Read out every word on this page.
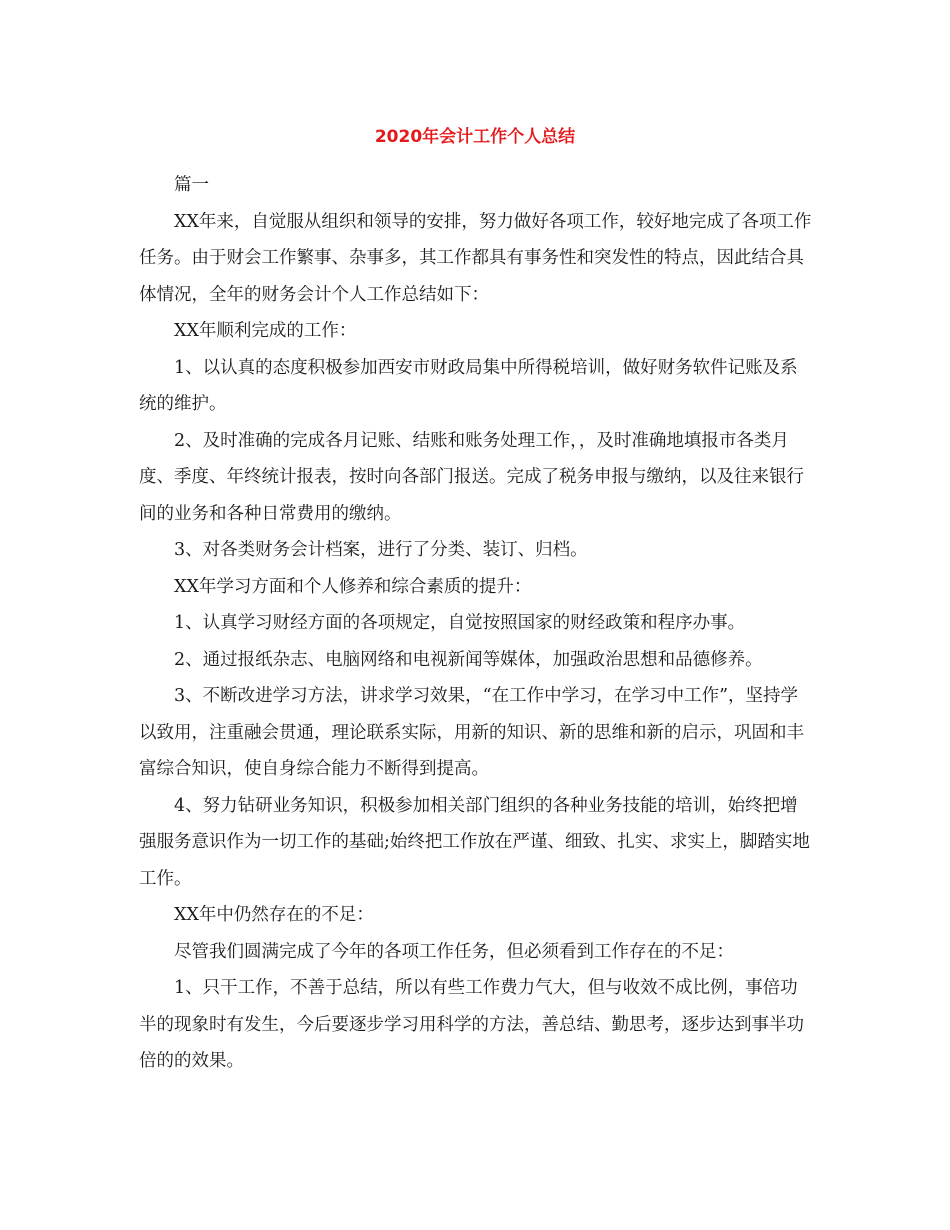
2020年会计工作个人总结

篇一

XX年来，自觉服从组织和领导的安排，努力做好各项工作，较好地完成了各项工作任务。由于财会工作繁事、杂事多，其工作都具有事务性和突发性的特点，因此结合具体情况，全年的财务会计个人工作总结如下：

XX年顺利完成的工作：

1、以认真的态度积极参加西安市财政局集中所得税培训，做好财务软件记账及系统的维护。

2、及时准确的完成各月记账、结账和账务处理工作，，及时准确地填报市各类月度、季度、年终统计报表，按时向各部门报送。完成了税务申报与缴纳，以及往来银行间的业务和各种日常费用的缴纳。

3、对各类财务会计档案，进行了分类、装订、归档。

XX年学习方面和个人修养和综合素质的提升：

1、认真学习财经方面的各项规定，自觉按照国家的财经政策和程序办事。

2、通过报纸杂志、电脑网络和电视新闻等媒体，加强政治思想和品德修养。

3、不断改进学习方法，讲求学习效果，“在工作中学习，在学习中工作”，坚持学以致用，注重融会贯通，理论联系实际，用新的知识、新的思维和新的启示，巩固和丰富综合知识，使自身综合能力不断得到提高。

4、努力钻研业务知识，积极参加相关部门组织的各种业务技能的培训，始终把增强服务意识作为一切工作的基础;始终把工作放在严谨、细致、扎实、求实上，脚踏实地工作。

XX年中仍然存在的不足：

尽管我们圆满完成了今年的各项工作任务，但必须看到工作存在的不足：

1、只干工作，不善于总结，所以有些工作费力气大，但与收效不成比例，事倍功半的现象时有发生，今后要逐步学习用科学的方法，善总结、勤思考，逐步达到事半功倍的的效果。
